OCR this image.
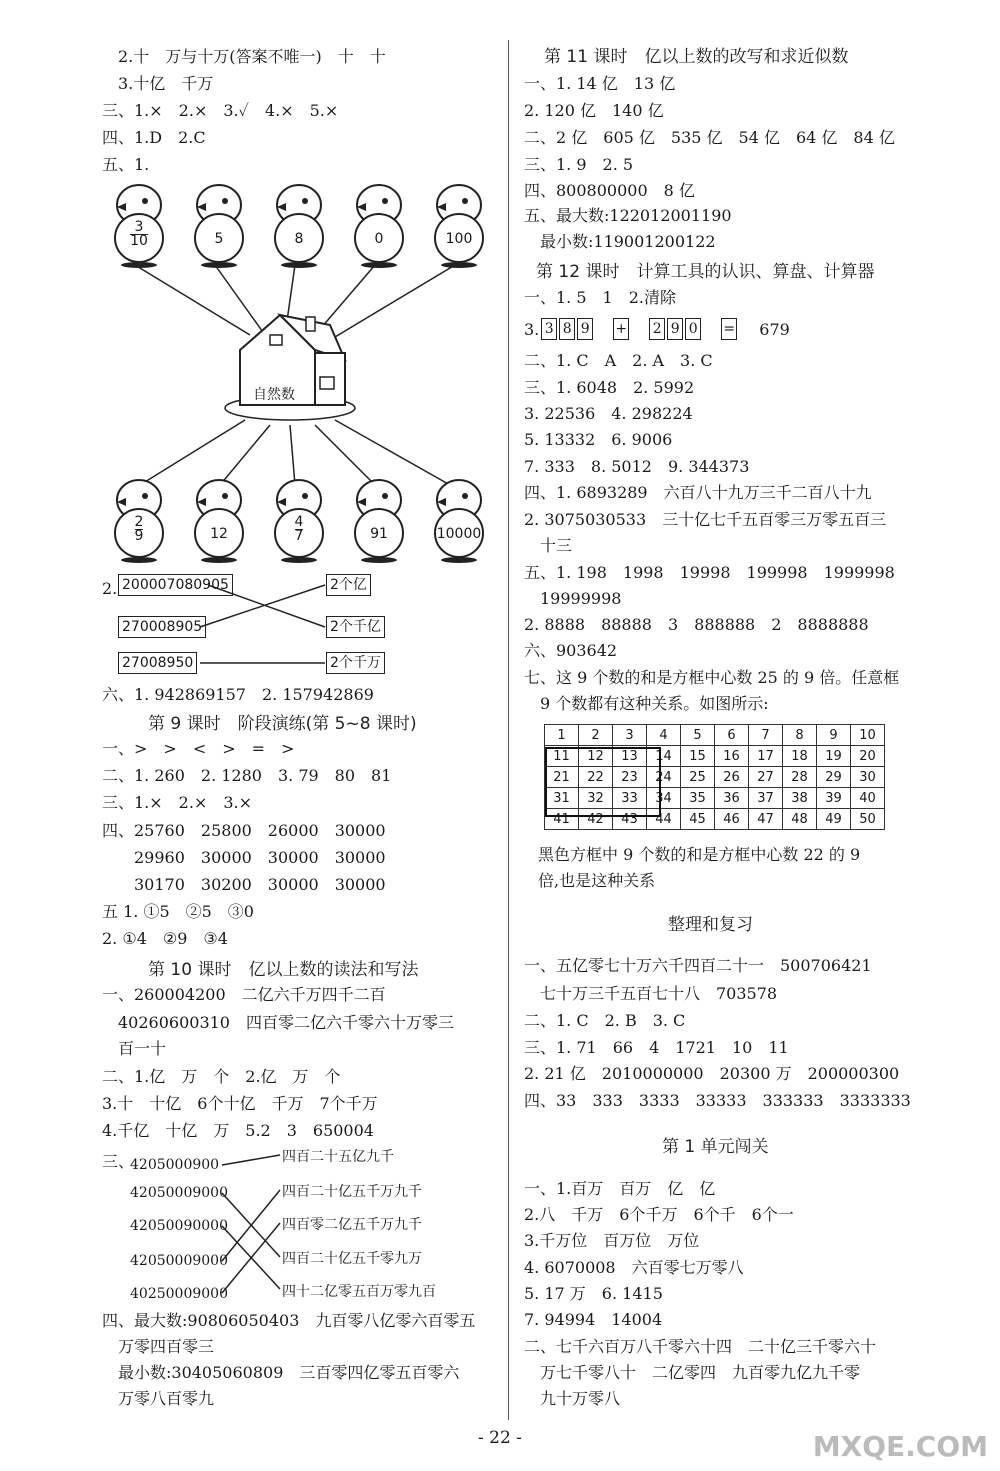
2.十　万与十万(答案不唯一)　十　十
3.十亿　千万
三、1.×　2.×　3.✓　4.×　5.×
四、1.D　2.C
五、1.
自然数
$\frac{3}{10}$	5	8	0	100
$\frac{2}{9}$	12	$\frac{4}{7}$	91	10000
2. 200007080905
270008905
27008950
2个亿
2个千亿
2个千万
六、1. 942869157　2. 157942869
第 9 课时　阶段演练(第 5~8 课时)
一、>　>　<　>　=　>
二、1. 260　2. 1280　3. 79　80　81
三、1.×　2.×　3.×
四、25760　25800　26000　30000
　　29960　30000　30000　30000
　　30170　30200　30000　30000
五 1. ①5　②5　③0
2. ①4　②9　③4
第 10 课时　亿以上数的读法和写法
一、260004200　二亿六千万四千二百
　40260600310　四百零二亿六千零六十万零三
　百一十
二、1.亿　万　个　2.亿　万　个
3.十　十亿　6个十亿　千万　7个千万
4.千亿　十亿　万　5.2　3　650004
三、
4205000900
42050009000
42050090000
42050009000
40250009000
四百二十五亿九千
四百二十亿五千万九千
四百零二亿五千万九千
四百二十亿五千零九万
四十二亿零五百万零九百
四、最大数:90806050403　九百零八亿零六百零五
　万零四百零三
　最小数:30405060809　三百零四亿零五百零六
　万零八百零九
第 11 课时　亿以上数的改写和求近似数
一、1. 14 亿　13 亿
2. 120 亿　140 亿
二、2 亿　605 亿　535 亿　54 亿　64 亿　84 亿
三、1. 9　2. 5
四、800800000　8 亿
五、最大数:122012001190
　最小数:119001200122
第 12 课时　计算工具的认识、算盘、计算器
一、1. 5　1　2.清除
3. 3 8 9 + 2 9 0 = 679
二、1. C　A　2. A　3. C
三、1. 6048　2. 5992
3. 22536　4. 298224
5. 13332　6. 9006
7. 333　8. 5012　9. 344373
四、1. 6893289　六百八十九万三千二百八十九
2. 3075030533　三十亿七千五百零三万零五百三
　十三
五、1. 198　1998　19998　199998　1999998
　19999998
2. 8888　88888　3　888888　2　8888888
六、903642
七、这 9 个数的和是方框中心数 25 的 9 倍。任意框
　9 个数都有这种关系。如图所示:
1	2	3	4	5	6	7	8	9	10
11	12	13	14	15	16	17	18	19	20
21	22	23	24	25	26	27	28	29	30
31	32	33	34	35	36	37	38	39	40
41	42	43	44	45	46	47	48	49	50
黑色方框中 9 个数的和是方框中心数 22 的 9
倍,也是这种关系
整理和复习
一、五亿零七十万六千四百二十一　500706421
　七十万三千五百七十八　703578
二、1. C　2. B　3. C
三、1. 71　66　4　1721　10　11
2. 21 亿　2010000000　20300 万　200000300
四、33　333　3333　33333　333333　3333333
第 1 单元闯关
一、1.百万　百万　亿　亿
2.八　千万　6个千万　6个千　6个一
3.千万位　百万位　万位
4. 6070008　六百零七万零八
5. 17 万　6. 1415
7. 94994　14004
二、七千六百万八千零六十四　二十亿三千零六十
　万七千零八十　二亿零四　九百零九亿九千零
　九十万零八
- 22 -	MXQE.COM
